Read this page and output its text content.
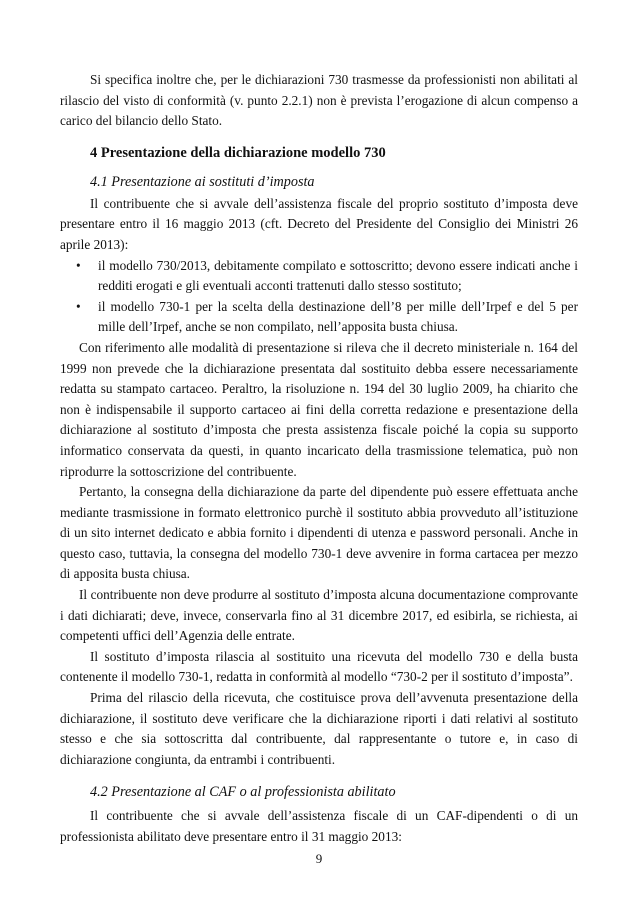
Si specifica inoltre che, per le dichiarazioni 730 trasmesse da professionisti non abilitati al rilascio del visto di conformità (v. punto 2.2.1) non è prevista l’erogazione di alcun compenso a carico del bilancio dello Stato.

4 Presentazione della dichiarazione modello 730
4.1 Presentazione ai sostituti d’imposta

Il contribuente che si avvale dell’assistenza fiscale del proprio sostituto d’imposta deve presentare entro il 16 maggio 2013 (cft. Decreto del Presidente del Consiglio dei Ministri 26 aprile 2013):

• il modello 730/2013, debitamente compilato e sottoscritto; devono essere indicati anche i redditi erogati e gli eventuali acconti trattenuti dallo stesso sostituto;
• il modello 730-1 per la scelta della destinazione dell’8 per mille dell’Irpef e del 5 per mille dell’Irpef, anche se non compilato, nell’apposita busta chiusa.

Con riferimento alle modalità di presentazione si rileva che il decreto ministeriale n. 164 del 1999 non prevede che la dichiarazione presentata dal sostituito debba essere necessariamente redatta su stampato cartaceo. Peraltro, la risoluzione n. 194 del 30 luglio 2009, ha chiarito che non è indispensabile il supporto cartaceo ai fini della corretta redazione e presentazione della dichiarazione al sostituto d’imposta che presta assistenza fiscale poiché la copia su supporto informatico conservata da questi, in quanto incaricato della trasmissione telematica, può non riprodurre la sottoscrizione del contribuente.

Pertanto, la consegna della dichiarazione da parte del dipendente può essere effettuata anche mediante trasmissione in formato elettronico purchè il sostituto abbia provveduto all’istituzione di un sito internet dedicato e abbia fornito i dipendenti di utenza e password personali. Anche in questo caso, tuttavia, la consegna del modello 730-1 deve avvenire in forma cartacea per mezzo di apposita busta chiusa.

Il contribuente non deve produrre al sostituto d’imposta alcuna documentazione comprovante i dati dichiarati; deve, invece, conservarla fino al 31 dicembre 2017, ed esibirla, se richiesta, ai competenti uffici dell’Agenzia delle entrate.

Il sostituto d’imposta rilascia al sostituito una ricevuta del modello 730 e della busta contenente il modello 730-1, redatta in conformità al modello “730-2 per il sostituto d’imposta”.

Prima del rilascio della ricevuta, che costituisce prova dell’avvenuta presentazione della dichiarazione, il sostituto deve verificare che la dichiarazione riporti i dati relativi al sostituto stesso e che sia sottoscritta dal contribuente, dal rappresentante o tutore e, in caso di dichiarazione congiunta, da entrambi i contribuenti.

4.2 Presentazione al CAF o al professionista abilitato

Il contribuente che si avvale dell’assistenza fiscale di un CAF-dipendenti o di un professionista abilitato deve presentare entro il 31 maggio 2013:

9
